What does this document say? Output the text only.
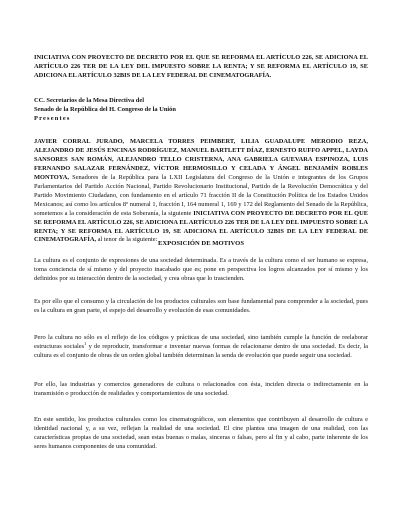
INICIATIVA CON PROYECTO DE DECRETO POR EL QUE SE REFORMA EL ARTÍCULO 226, SE ADICIONA EL ARTÍCULO 226 TER DE LA LEY DEL IMPUESTO SOBRE LA RENTA; Y SE REFORMA EL ARTÍCULO 19, SE ADICIONA EL ARTÍCULO 32BIS DE LA LEY FEDERAL DE CINEMATOGRAFÍA.
CC. Secretarios de la Mesa Directiva del
Senado de la República del H. Congreso de la Unión
Presentes
JAVIER CORRAL JURADO, MARCELA TORRES PEIMBERT, LILIA GUADALUPE MERODIO REZA, ALEJANDRO DE JESÚS ENCINAS RODRÍGUEZ, MANUEL BARTLETT DÍAZ, ERNESTO RUFFO APPEL, LAYDA SANSORES SAN ROMÁN, ALEJANDRO TELLO CRISTERNA, ANA GABRIELA GUEVARA ESPINOZA, LUIS FERNANDO SALAZAR FERNÁNDEZ, VÍCTOR HERMOSILLO Y CELADA Y ÁNGEL BENJAMÍN ROBLES MONTOYA, Senadores de la República para la LXII Legislatura del Congreso de la Unión e integrantes de los Grupos Parlamentarios del Partido Acción Nacional, Partido Revolucionario Institucional, Partido de la Revolución Democrática y del Partido Movimiento Ciudadano, con fundamento en el artículo 71 fracción II de la Constitución Política de los Estados Unidos Mexicanos; así como los artículos 8º numeral 1, fracción I, 164 numeral 1, 169 y 172 del Reglamento del Senado de la República, sometemos a la consideración de esta Soberanía, la siguiente INICIATIVA CON PROYECTO DE DECRETO POR EL QUE SE REFORMA EL ARTÍCULO 226, SE ADICIONA EL ARTÍCULO 226 TER DE LA LEY DEL IMPUESTO SOBRE LA RENTA; Y SE REFORMA EL ARTÍCULO 19, SE ADICIONA EL ARTÍCULO 32BIS DE LA LEY FEDERAL DE CINEMATOGRAFÍA, al tenor de la siguiente:
EXPOSICIÓN DE MOTIVOS
La cultura es el conjunto de expresiones de una sociedad determinada. Es a través de la cultura como el ser humano se expresa, toma conciencia de sí mismo y del proyecto inacabado que es; pone en perspectiva los logros alcanzados por sí mismo y los definidos por su interacción dentro de la sociedad, y crea obras que lo trascienden.
Es por ello que el consumo y la circulación de los productos culturales son base fundamental para comprender a la sociedad, pues es la cultura en gran parte, el espejo del desarrollo y evolución de esas comunidades.
Pero la cultura no sólo es el reflejo de los códigos y prácticas de una sociedad, sino también cumple la función de reelaborar estructuras sociales$^1$ y de reproducir, transformar e inventar nuevas formas de relacionarse dentro de una sociedad. Es decir, la cultura es el conjunto de obras de un orden global también determinan la senda de evolución que puede seguir una sociedad.
Por ello, las industrias y comercios generadores de cultura o relacionados con ésta, inciden directa o indirectamente en la transmisión o producción de realidades y comportamientos de una sociedad.
En este sentido, los productos culturales como los cinematográficos, son elementos que contribuyen al desarrollo de cultura e identidad nacional y, a su vez, reflejan la realidad de una sociedad. El cine plantea una imagen de una realidad, con las características propias de una sociedad, sean estas buenas o malas, sinceras o falsas, pero al fin y al cabo, parte inherente de los seres humanos componentes de una comunidad.
